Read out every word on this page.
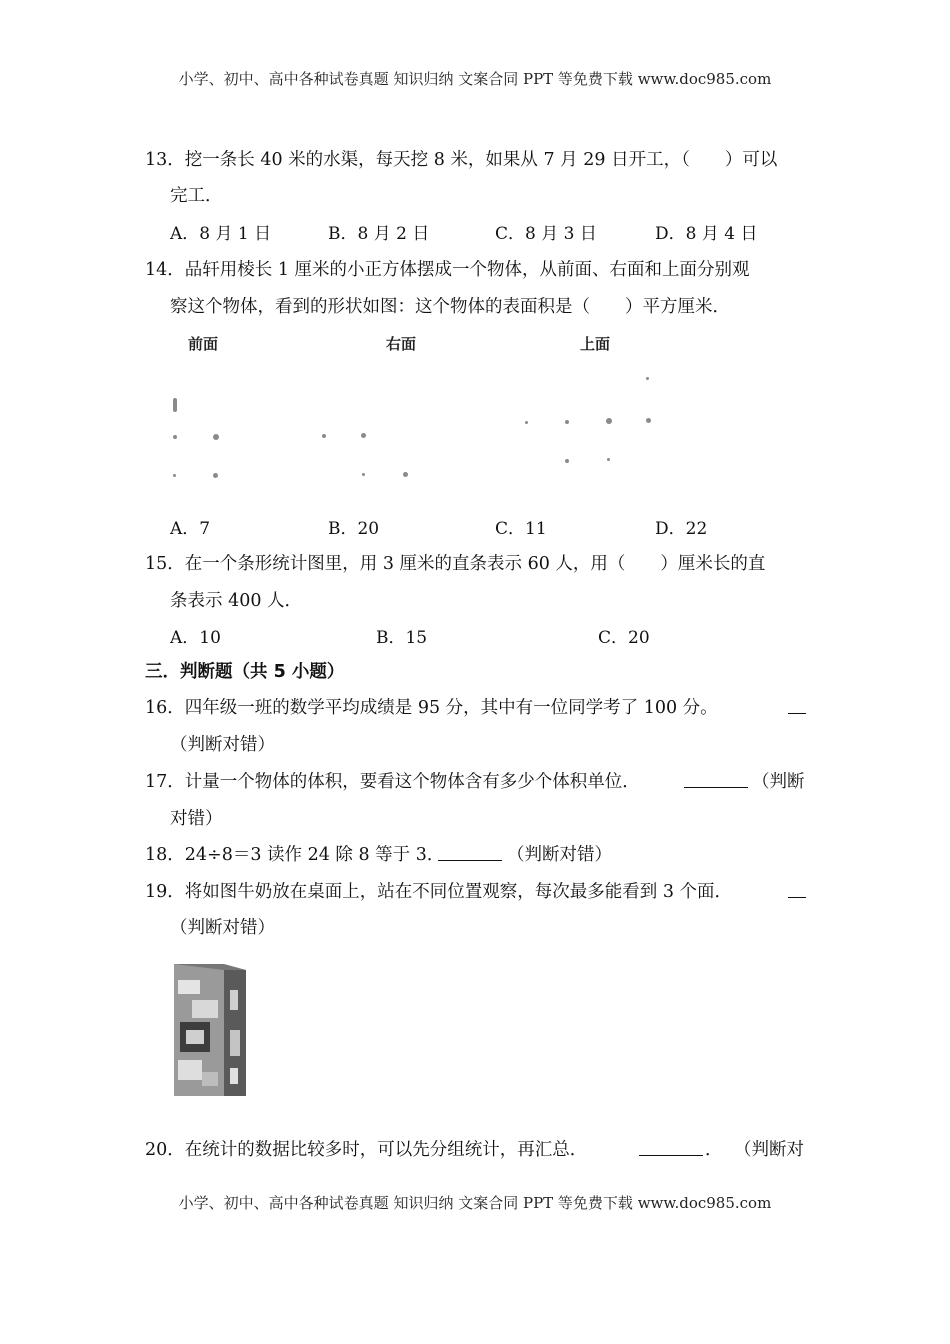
小学、初中、高中各种试卷真题 知识归纳 文案合同 PPT 等免费下载 www.doc985.com
13．挖一条长 40 米的水渠，每天挖 8 米，如果从 7 月 29 日开工，（　　）可以
完工．
A．8 月 1 日	B．8 月 2 日	C．8 月 3 日	D．8 月 4 日
14．品轩用棱长 1 厘米的小正方体摆成一个物体，从前面、右面和上面分别观
察这个物体，看到的形状如图：这个物体的表面积是（　　）平方厘米．
前面	右面	上面
A．7	B．20	C．11	D．22
15．在一个条形统计图里，用 3 厘米的直条表示 60 人，用（　　）厘米长的直
条表示 400 人．
A．10	B．15	C．20
三．判断题（共 5 小题）
16．四年级一班的数学平均成绩是 95 分，其中有一位同学考了 100 分。
（判断对错）
17．计量一个物体的体积，要看这个物体含有多少个体积单位．	（判断
对错）
18．24÷8＝3 读作 24 除 8 等于 3．	（判断对错）
19．将如图牛奶放在桌面上，站在不同位置观察，每次最多能看到 3 个面．
（判断对错）
20．在统计的数据比较多时，可以先分组统计，再汇总．	． （判断对
小学、初中、高中各种试卷真题 知识归纳 文案合同 PPT 等免费下载 www.doc985.com
